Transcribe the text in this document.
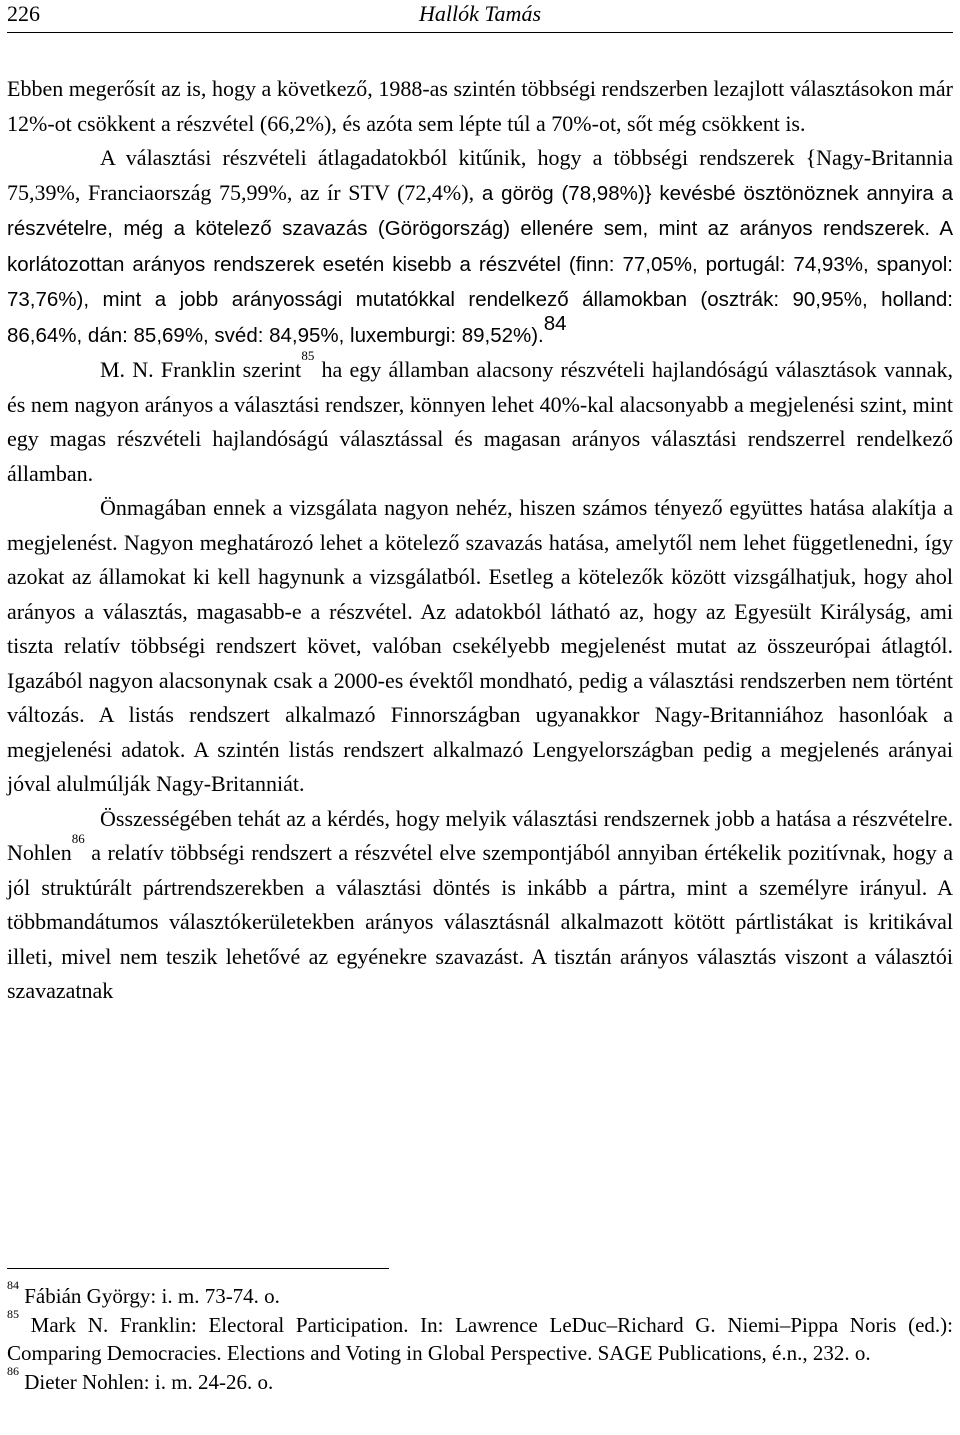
226	Hallók Tamás

Ebben megerősít az is, hogy a következő, 1988-as szintén többségi rendszerben lezajlott választásokon már 12%-ot csökkent a részvétel (66,2%), és azóta sem lépte túl a 70%-ot, sőt még csökkent is.

A választási részvételi átlagadatokból kitűnik, hogy a többségi rendszerek {Nagy-Britannia 75,39%, Franciaország 75,99%, az ír STV (72,4%), a görög (78,98%)} kevésbé ösztönöznek annyira a részvételre, még a kötelező szavazás (Görögország) ellenére sem, mint az arányos rendszerek. A korlátozottan arányos rendszerek esetén kisebb a részvétel (finn: 77,05%, portugál: 74,93%, spanyol: 73,76%), mint a jobb arányossági mutatókkal rendelkező államokban (osztrák: 90,95%, holland: 86,64%, dán: 85,69%, svéd: 84,95%, luxemburgi: 89,52%).$^{84}$

M. N. Franklin szerint$^{85}$ ha egy államban alacsony részvételi hajlandóságú választások vannak, és nem nagyon arányos a választási rendszer, könnyen lehet 40%-kal alacsonyabb a megjelenési szint, mint egy magas részvételi hajlandóságú választással és magasan arányos választási rendszerrel rendelkező államban.

Önmagában ennek a vizsgálata nagyon nehéz, hiszen számos tényező együttes hatása alakítja a megjelenést. Nagyon meghatározó lehet a kötelező szavazás hatása, amelytől nem lehet függetlenedni, így azokat az államokat ki kell hagynunk a vizsgálatból. Esetleg a kötelezők között vizsgálhatjuk, hogy ahol arányos a választás, magasabb-e a részvétel. Az adatokból látható az, hogy az Egyesült Királyság, ami tiszta relatív többségi rendszert követ, valóban csekélyebb megjelenést mutat az összeurópai átlagtól. Igazából nagyon alacsonynak csak a 2000-es évektől mondható, pedig a választási rendszerben nem történt változás. A listás rendszert alkalmazó Finnországban ugyanakkor Nagy-Britanniához hasonlóak a megjelenési adatok. A szintén listás rendszert alkalmazó Lengyelországban pedig a megjelenés arányai jóval alulmúlják Nagy-Britanniát.

Összességében tehát az a kérdés, hogy melyik választási rendszernek jobb a hatása a részvételre. Nohlen$^{86}$ a relatív többségi rendszert a részvétel elve szempontjából annyiban értékelik pozitívnak, hogy a jól struktúrált pártrendszerekben a választási döntés is inkább a pártra, mint a személyre irányul. A többmandátumos választókerületekben arányos választásnál alkalmazott kötött pártlistákat is kritikával illeti, mivel nem teszik lehetővé az egyénekre szavazást. A tisztán arányos választás viszont a választói szavazatnak

$^{84}$ Fábián György: i. m. 73-74. o.

$^{85}$ Mark N. Franklin: Electoral Participation. In: Lawrence LeDuc–Richard G. Niemi–Pippa Noris (ed.): Comparing Democracies. Elections and Voting in Global Perspective. SAGE Publications, é.n., 232. o.

$^{86}$ Dieter Nohlen: i. m. 24-26. o.
